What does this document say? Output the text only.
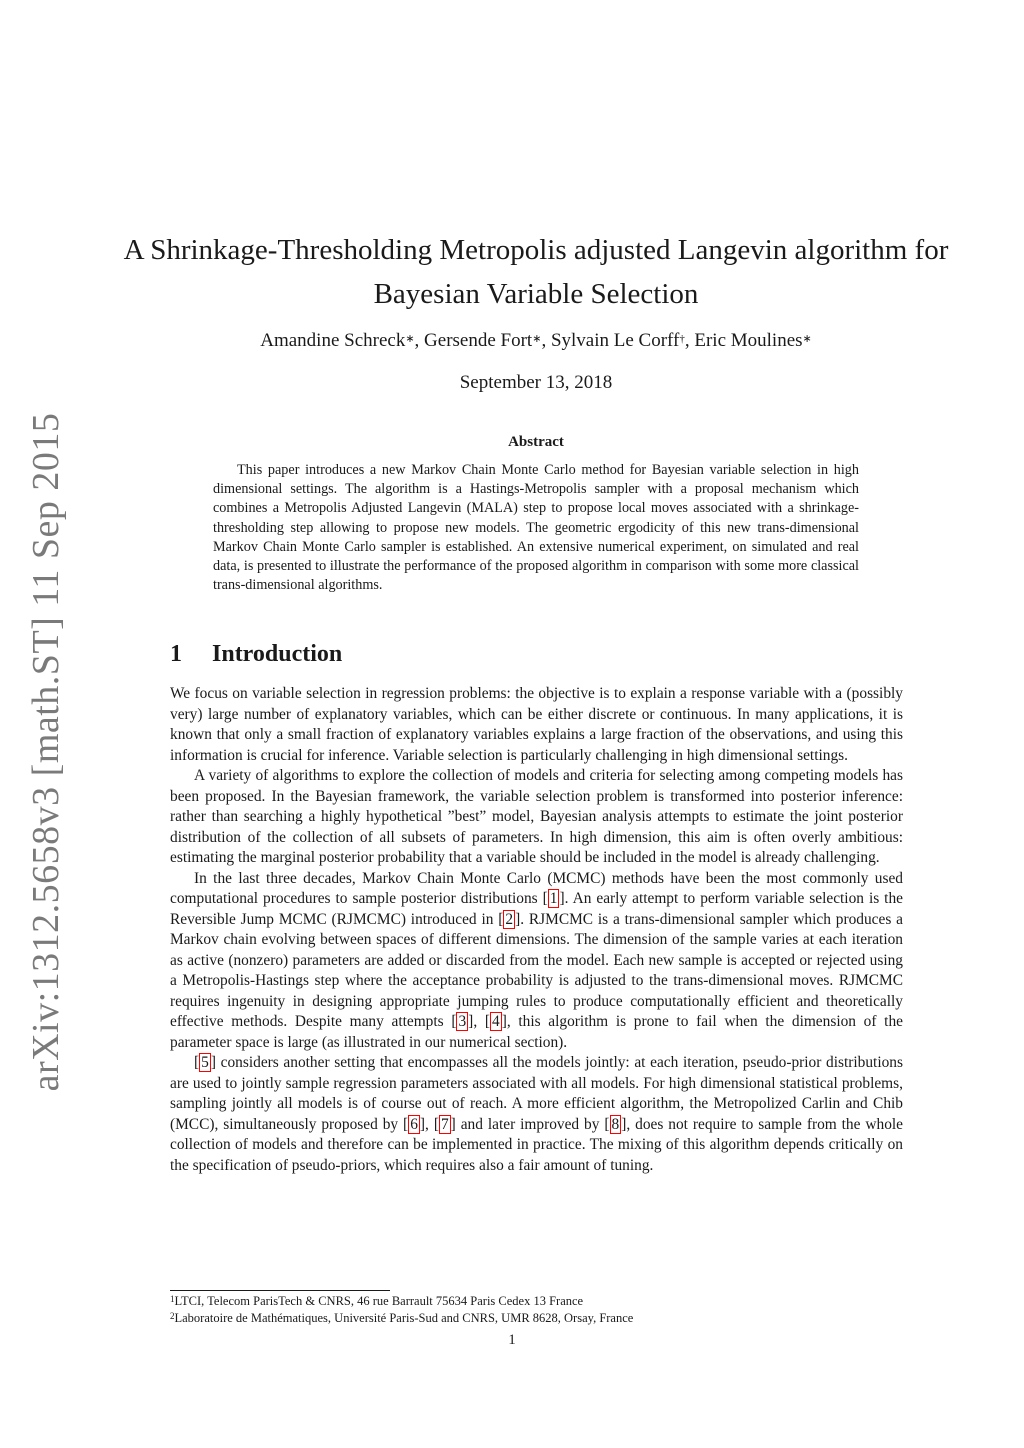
arXiv:1312.5658v3 [math.ST] 11 Sep 2015
A Shrinkage-Thresholding Metropolis adjusted Langevin algorithm for Bayesian Variable Selection
Amandine Schreck∗, Gersende Fort∗, Sylvain Le Corff†, Eric Moulines∗
September 13, 2018
Abstract
This paper introduces a new Markov Chain Monte Carlo method for Bayesian variable selection in high dimensional settings. The algorithm is a Hastings-Metropolis sampler with a proposal mechanism which combines a Metropolis Adjusted Langevin (MALA) step to propose local moves associated with a shrinkage-thresholding step allowing to propose new models. The geometric ergodicity of this new trans-dimensional Markov Chain Monte Carlo sampler is established. An extensive numerical experiment, on simulated and real data, is presented to illustrate the performance of the proposed algorithm in comparison with some more classical trans-dimensional algorithms.
1 Introduction

We focus on variable selection in regression problems: the objective is to explain a response variable with a (possibly very) large number of explanatory variables, which can be either discrete or continuous. In many applications, it is known that only a small fraction of explanatory variables explains a large fraction of the observations, and using this information is crucial for inference. Variable selection is particularly challenging in high dimensional settings.

A variety of algorithms to explore the collection of models and criteria for selecting among competing models has been proposed. In the Bayesian framework, the variable selection problem is transformed into posterior inference: rather than searching a highly hypothetical ”best” model, Bayesian analysis attempts to estimate the joint posterior distribution of the collection of all subsets of parameters. In high dimension, this aim is often overly ambitious: estimating the marginal posterior probability that a variable should be included in the model is already challenging.

In the last three decades, Markov Chain Monte Carlo (MCMC) methods have been the most commonly used computational procedures to sample posterior distributions [ 1 ]. An early attempt to perform variable selection is the Reversible Jump MCMC (RJMCMC) introduced in [ 2 ]. RJMCMC is a trans-dimensional sampler which produces a Markov chain evolving between spaces of different dimensions. The dimension of the sample varies at each iteration as active (nonzero) parameters are added or discarded from the model. Each new sample is accepted or rejected using a Metropolis-Hastings step where the acceptance probability is adjusted to the trans-dimensional moves. RJMCMC requires ingenuity in designing appropriate jumping rules to produce computationally efficient and theoretically effective methods. Despite many attempts [ 3 ], [ 4 ], this algorithm is prone to fail when the dimension of the parameter space is large (as illustrated in our numerical section).

[ 5 ] considers another setting that encompasses all the models jointly: at each iteration, pseudo-prior distributions are used to jointly sample regression parameters associated with all models. For high dimensional statistical problems, sampling jointly all models is of course out of reach. A more efficient algorithm, the Metropolized Carlin and Chib (MCC), simultaneously proposed by [ 6 ], [ 7 ] and later improved by [ 8 ], does not require to sample from the whole collection of models and therefore can be implemented in practice. The mixing of this algorithm depends critically on the specification of pseudo-priors, which requires also a fair amount of tuning.

$^1$LTCI, Telecom ParisTech & CNRS, 46 rue Barrault 75634 Paris Cedex 13 France
$^2$Laboratoire de Mathématiques, Université Paris-Sud and CNRS, UMR 8628, Orsay, France
1
